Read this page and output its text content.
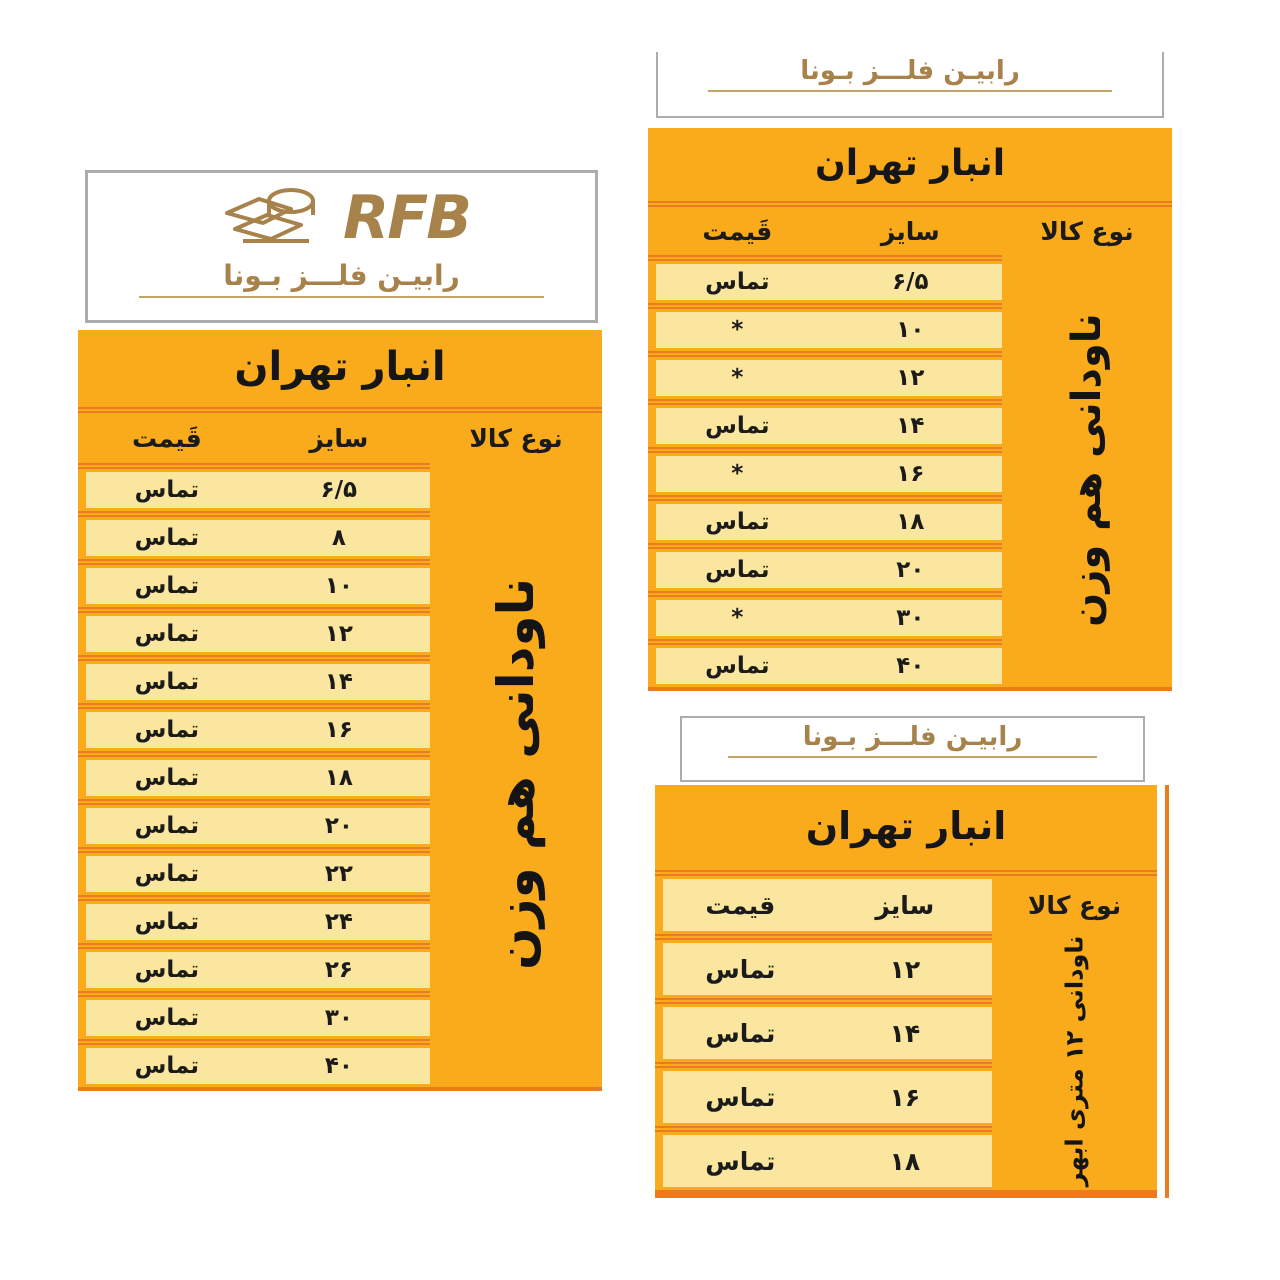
RFB
رابیـن فلـــز بـونا
انبار تهران
نوع کالا
سایز
قَیمت
ناودانی هم وزن
۶/۵
تماس
۸
تماس
۱۰
تماس
۱۲
تماس
۱۴
تماس
۱۶
تماس
۱۸
تماس
۲۰
تماس
۲۲
تماس
۲۴
تماس
۲۶
تماس
۳۰
تماس
۴۰
تماس
رابیـن فلـــز بـونا
انبار تهران
نوع کالا
سایز
قَیمت
ناودانی هم وزن
۶/۵
تماس
۱۰
*
۱۲
*
۱۴
تماس
۱۶
*
۱۸
تماس
۲۰
تماس
۳۰
*
۴۰
تماس
رابیـن فلـــز بـونا
انبار تهران
نوع کالا
سایز
قیمت
ناودانی ۱۲ متری ابهر
۱۲
تماس
۱۴
تماس
۱۶
تماس
۱۸
تماس
